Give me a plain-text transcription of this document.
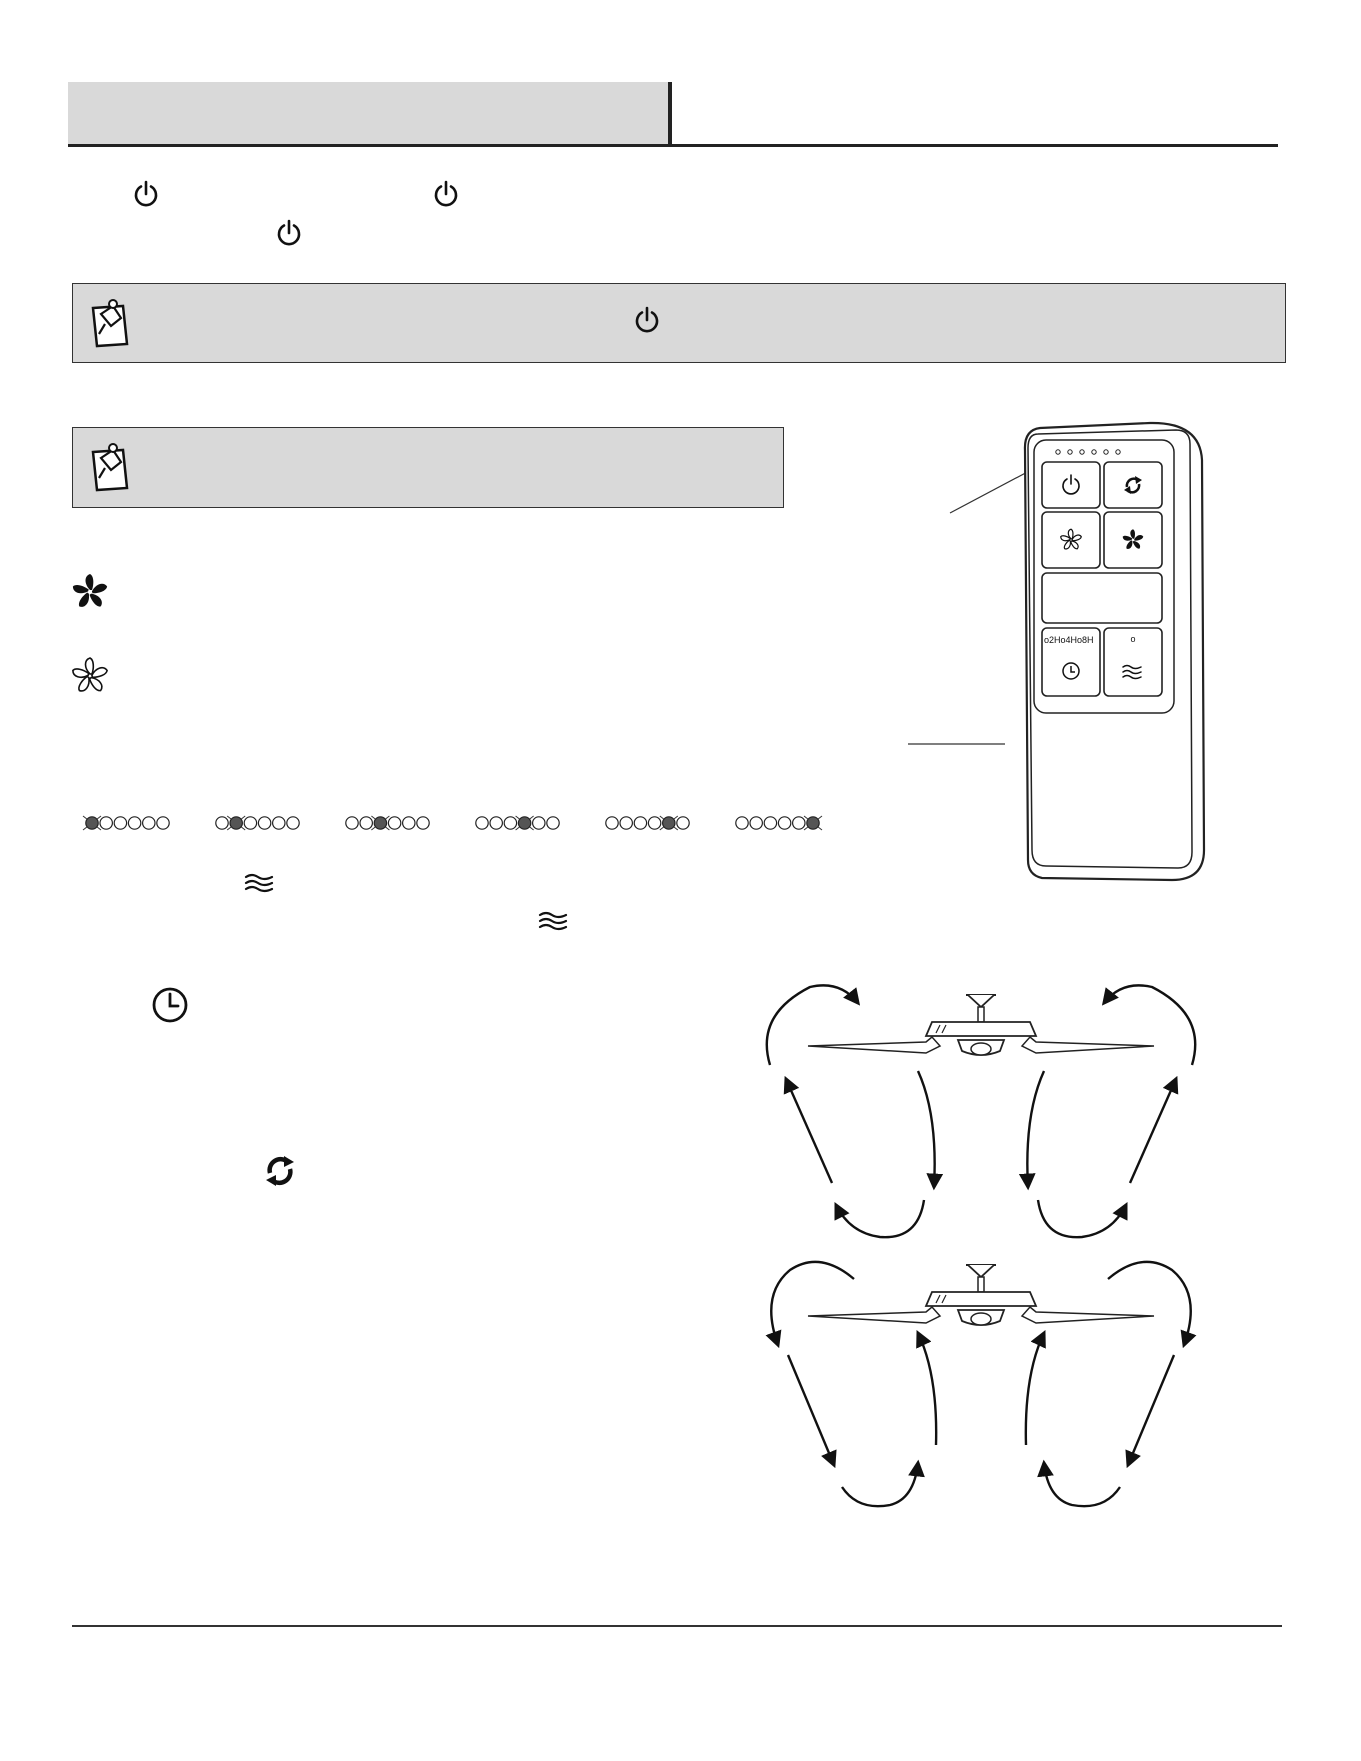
o2Ho4Ho8H	o
